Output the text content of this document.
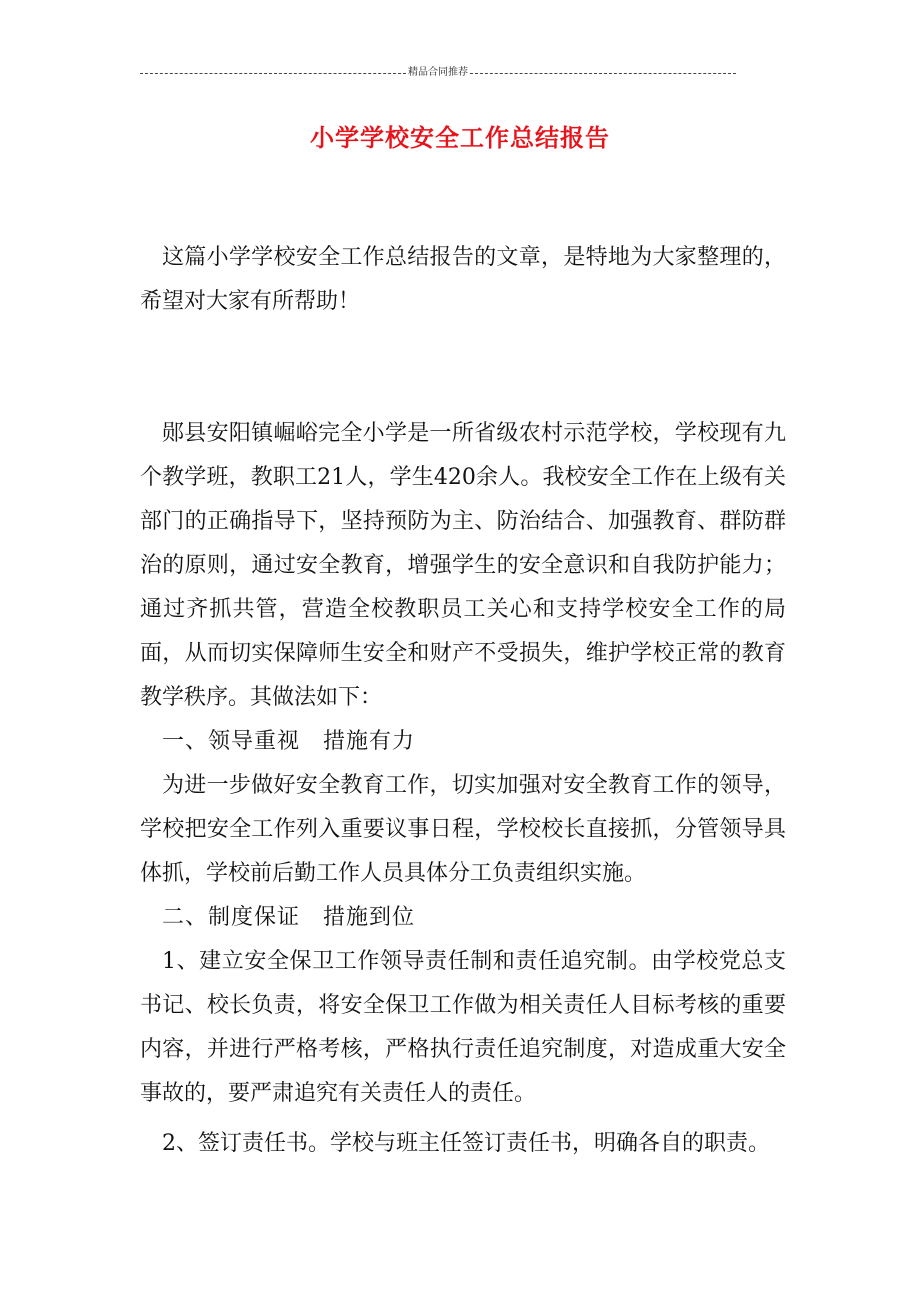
精品合同推荐
小学学校安全工作总结报告

这篇小学学校安全工作总结报告的文章，是特地为大家整理的，希望对大家有所帮助！

郧县安阳镇崛峪完全小学是一所省级农村示范学校，学校现有九个教学班，教职工21人，学生420余人。我校安全工作在上级有关部门的正确指导下，坚持预防为主、防治结合、加强教育、群防群治的原则，通过安全教育，增强学生的安全意识和自我防护能力；通过齐抓共管，营造全校教职员工关心和支持学校安全工作的局面，从而切实保障师生安全和财产不受损失，维护学校正常的教育教学秩序。其做法如下：

一、领导重视　措施有力

为进一步做好安全教育工作，切实加强对安全教育工作的领导，学校把安全工作列入重要议事日程，学校校长直接抓，分管领导具体抓，学校前后勤工作人员具体分工负责组织实施。

二、制度保证　措施到位

1、建立安全保卫工作领导责任制和责任追究制。由学校党总支书记、校长负责，将安全保卫工作做为相关责任人目标考核的重要内容，并进行严格考核，严格执行责任追究制度，对造成重大安全事故的，要严肃追究有关责任人的责任。

2、签订责任书。学校与班主任签订责任书，明确各自的职责。
